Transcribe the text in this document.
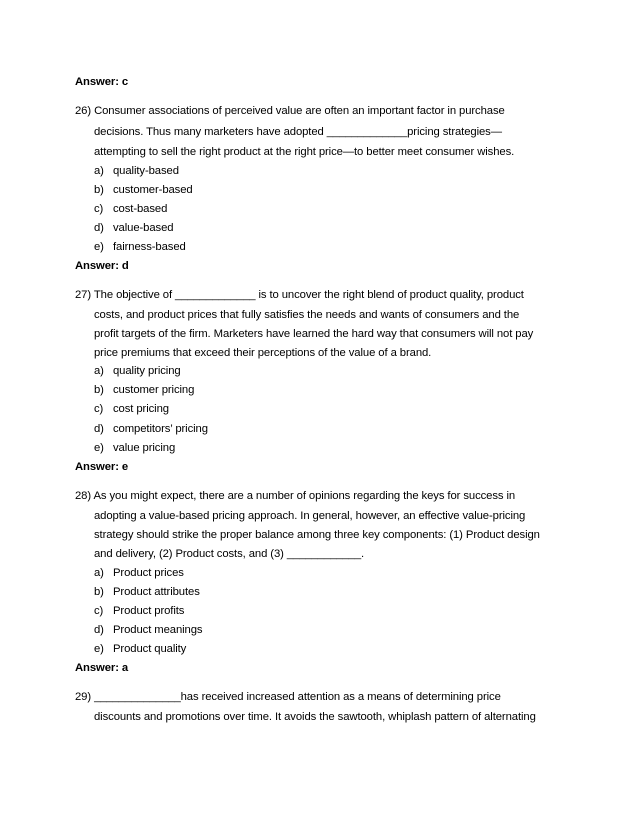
Answer: c
26) Consumer associations of perceived value are often an important factor in purchase
decisions. Thus many marketers have adopted _____________pricing strategies—
attempting to sell the right product at the right price—to better meet consumer wishes.
a) quality-based
b) customer-based
c) cost-based
d) value-based
e) fairness-based
Answer: d
27) The objective of _____________ is to uncover the right blend of product quality, product
costs, and product prices that fully satisfies the needs and wants of consumers and the
profit targets of the firm. Marketers have learned the hard way that consumers will not pay
price premiums that exceed their perceptions of the value of a brand.
a) quality pricing
b) customer pricing
c) cost pricing
d) competitors’ pricing
e) value pricing
Answer: e
28) As you might expect, there are a number of opinions regarding the keys for success in
adopting a value-based pricing approach. In general, however, an effective value-pricing
strategy should strike the proper balance among three key components: (1) Product design
and delivery, (2) Product costs, and (3) ____________.
a) Product prices
b) Product attributes
c) Product profits
d) Product meanings
e) Product quality
Answer: a
29) ______________has received increased attention as a means of determining price
discounts and promotions over time. It avoids the sawtooth, whiplash pattern of alternating
